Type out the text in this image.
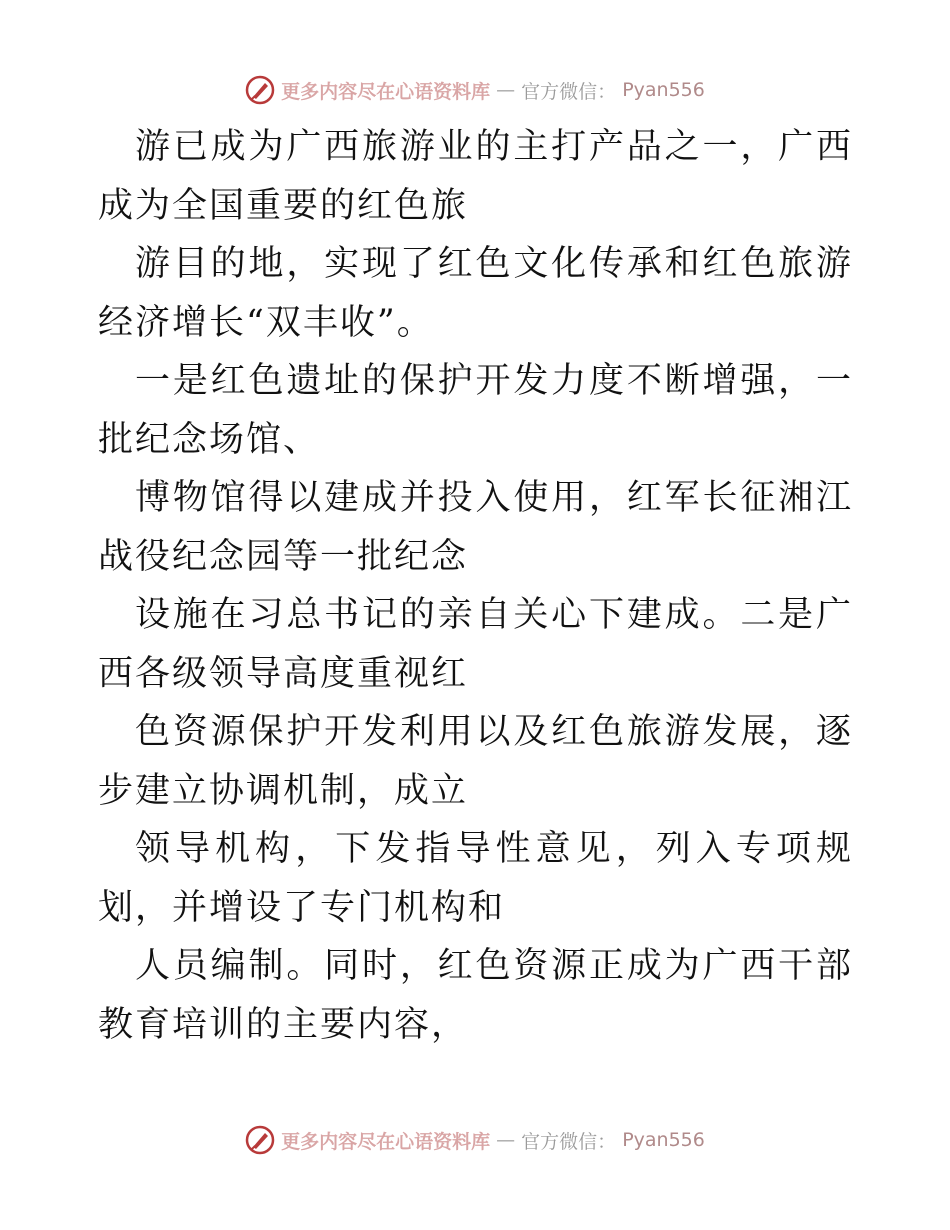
更多内容尽在心语资料库 — 官方微信： Pyan556

游已成为广西旅游业的主打产品之一，广西成为全国重要的红色旅

游目的地，实现了红色文化传承和红色旅游经济增长“双丰收”。

一是红色遗址的保护开发力度不断增强，一批纪念场馆、

博物馆得以建成并投入使用，红军长征湘江战役纪念园等一批纪念

设施在习总书记的亲自关心下建成。二是广西各级领导高度重视红

色资源保护开发利用以及红色旅游发展，逐步建立协调机制，成立

领导机构，下发指导性意见，列入专项规划，并增设了专门机构和

人员编制。同时，红色资源正成为广西干部教育培训的主要内容，

更多内容尽在心语资料库 — 官方微信： Pyan556
